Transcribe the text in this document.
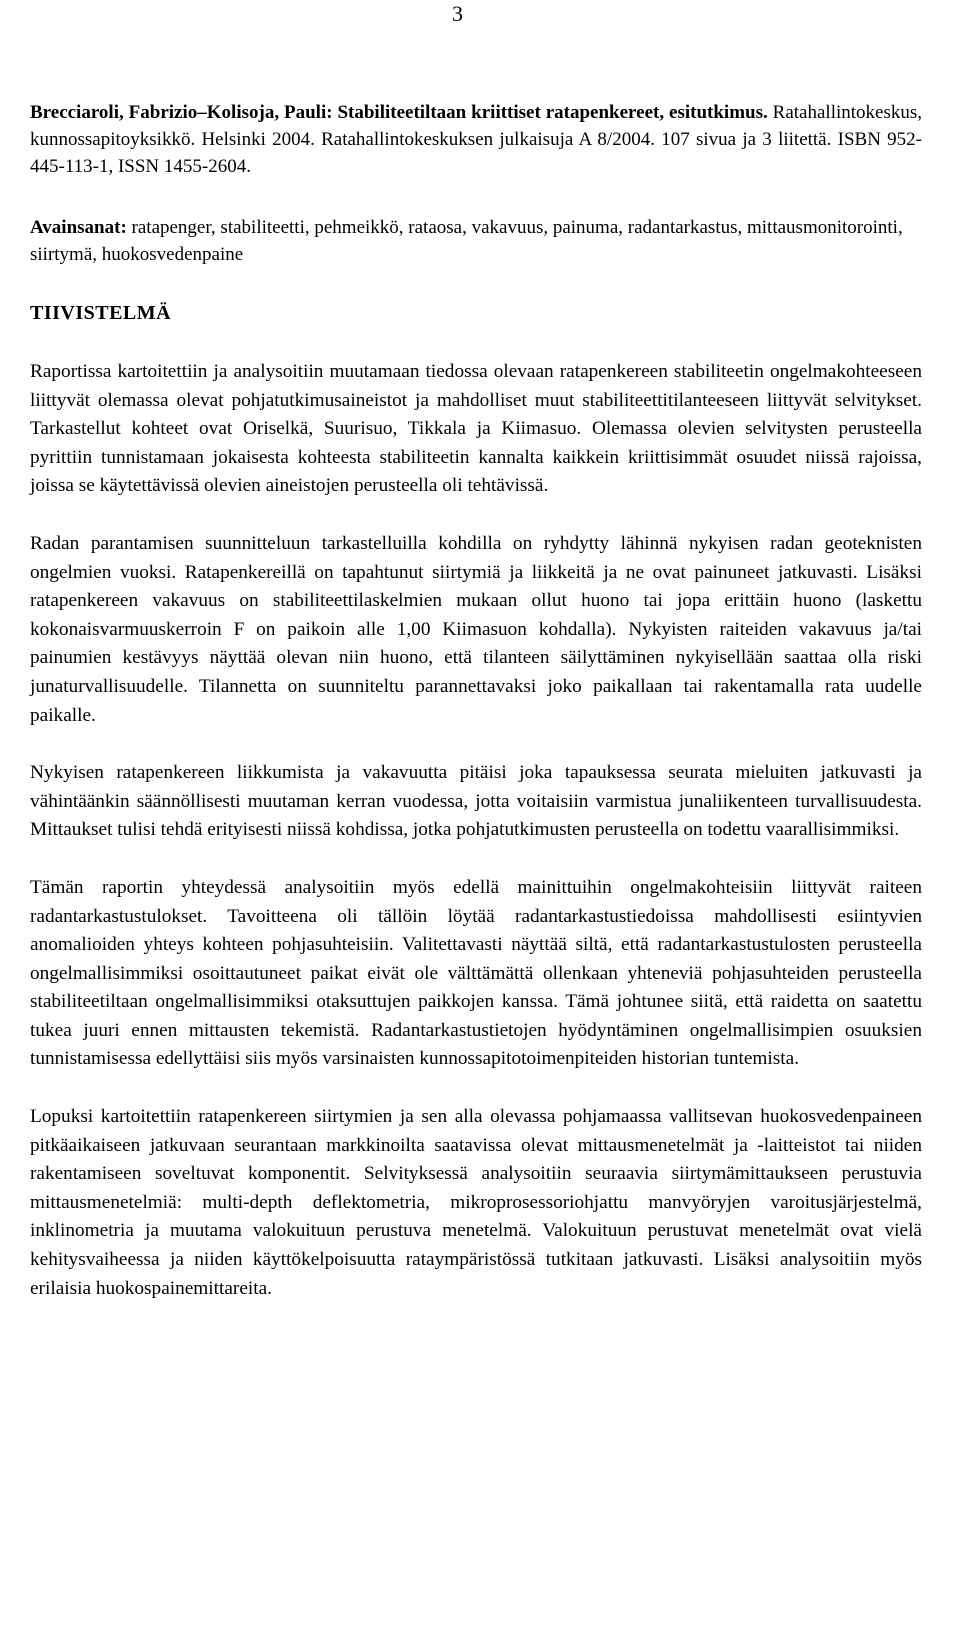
3

Brecciaroli, Fabrizio–Kolisoja, Pauli: Stabiliteetiltaan kriittiset ratapenkereet, esitutkimus. Ratahallintokeskus, kunnossapitoyksikkö. Helsinki 2004. Ratahallintokeskuksen julkaisuja A 8/2004. 107 sivua ja 3 liitettä. ISBN 952-445-113-1, ISSN 1455-2604.

Avainsanat: ratapenger, stabiliteetti, pehmeikkö, rataosa, vakavuus, painuma, radantarkastus, mittausmonitorointi, siirtymä, huokosvedenpaine

TIIVISTELMÄ

Raportissa kartoitettiin ja analysoitiin muutamaan tiedossa olevaan ratapenkereen stabiliteetin ongelmakohteeseen liittyvät olemassa olevat pohjatutkimusaineistot ja mahdolliset muut stabiliteettitilanteeseen liittyvät selvitykset. Tarkastellut kohteet ovat Oriselkä, Suurisuo, Tikkala ja Kiimasuo. Olemassa olevien selvitysten perusteella pyrittiin tunnistamaan jokaisesta kohteesta stabiliteetin kannalta kaikkein kriittisimmät osuudet niissä rajoissa, joissa se käytettävissä olevien aineistojen perusteella oli tehtävissä.

Radan parantamisen suunnitteluun tarkastelluilla kohdilla on ryhdytty lähinnä nykyisen radan geoteknisten ongelmien vuoksi. Ratapenkereillä on tapahtunut siirtymiä ja liikkeitä ja ne ovat painuneet jatkuvasti. Lisäksi ratapenkereen vakavuus on stabiliteettilaskelmien mukaan ollut huono tai jopa erittäin huono (laskettu kokonaisvarmuuskerroin F on paikoin alle 1,00 Kiimasuon kohdalla). Nykyisten raiteiden vakavuus ja/tai painumien kestävyys näyttää olevan niin huono, että tilanteen säilyttäminen nykyisellään saattaa olla riski junaturvallisuudelle. Tilannetta on suunniteltu parannettavaksi joko paikallaan tai rakentamalla rata uudelle paikalle.

Nykyisen ratapenkereen liikkumista ja vakavuutta pitäisi joka tapauksessa seurata mieluiten jatkuvasti ja vähintäänkin säännöllisesti muutaman kerran vuodessa, jotta voitaisiin varmistua junaliikenteen turvallisuudesta. Mittaukset tulisi tehdä erityisesti niissä kohdissa, jotka pohjatutkimusten perusteella on todettu vaarallisimmiksi.

Tämän raportin yhteydessä analysoitiin myös edellä mainittuihin ongelmakohteisiin liittyvät raiteen radantarkastustulokset. Tavoitteena oli tällöin löytää radantarkastustiedoissa mahdollisesti esiintyvien anomalioiden yhteys kohteen pohjasuhteisiin. Valitettavasti näyttää siltä, että radantarkastustulosten perusteella ongelmallisimmiksi osoittautuneet paikat eivät ole välttämättä ollenkaan yhteneviä pohjasuhteiden perusteella stabiliteetiltaan ongelmallisimmiksi otaksuttujen paikkojen kanssa. Tämä johtunee siitä, että raidetta on saatettu tukea juuri ennen mittausten tekemistä. Radantarkastustietojen hyödyntäminen ongelmallisimpien osuuksien tunnistamisessa edellyttäisi siis myös varsinaisten kunnossapitotoimenpiteiden historian tuntemista.

Lopuksi kartoitettiin ratapenkereen siirtymien ja sen alla olevassa pohjamaassa vallitsevan huokosvedenpaineen pitkäaikaiseen jatkuvaan seurantaan markkinoilta saatavissa olevat mittausmenetelmät ja -laitteistot tai niiden rakentamiseen soveltuvat komponentit. Selvityksessä analysoitiin seuraavia siirtymämittaukseen perustuvia mittausmenetelmiä: multi-depth deflektometria, mikroprosessoriohjattu manvyöryjen varoitusjärjestelmä, inklinometria ja muutama valokuituun perustuva menetelmä. Valokuituun perustuvat menetelmät ovat vielä kehitysvaiheessa ja niiden käyttökelpoisuutta rataympäristössä tutkitaan jatkuvasti. Lisäksi analysoitiin myös erilaisia huokospainemittareita.
